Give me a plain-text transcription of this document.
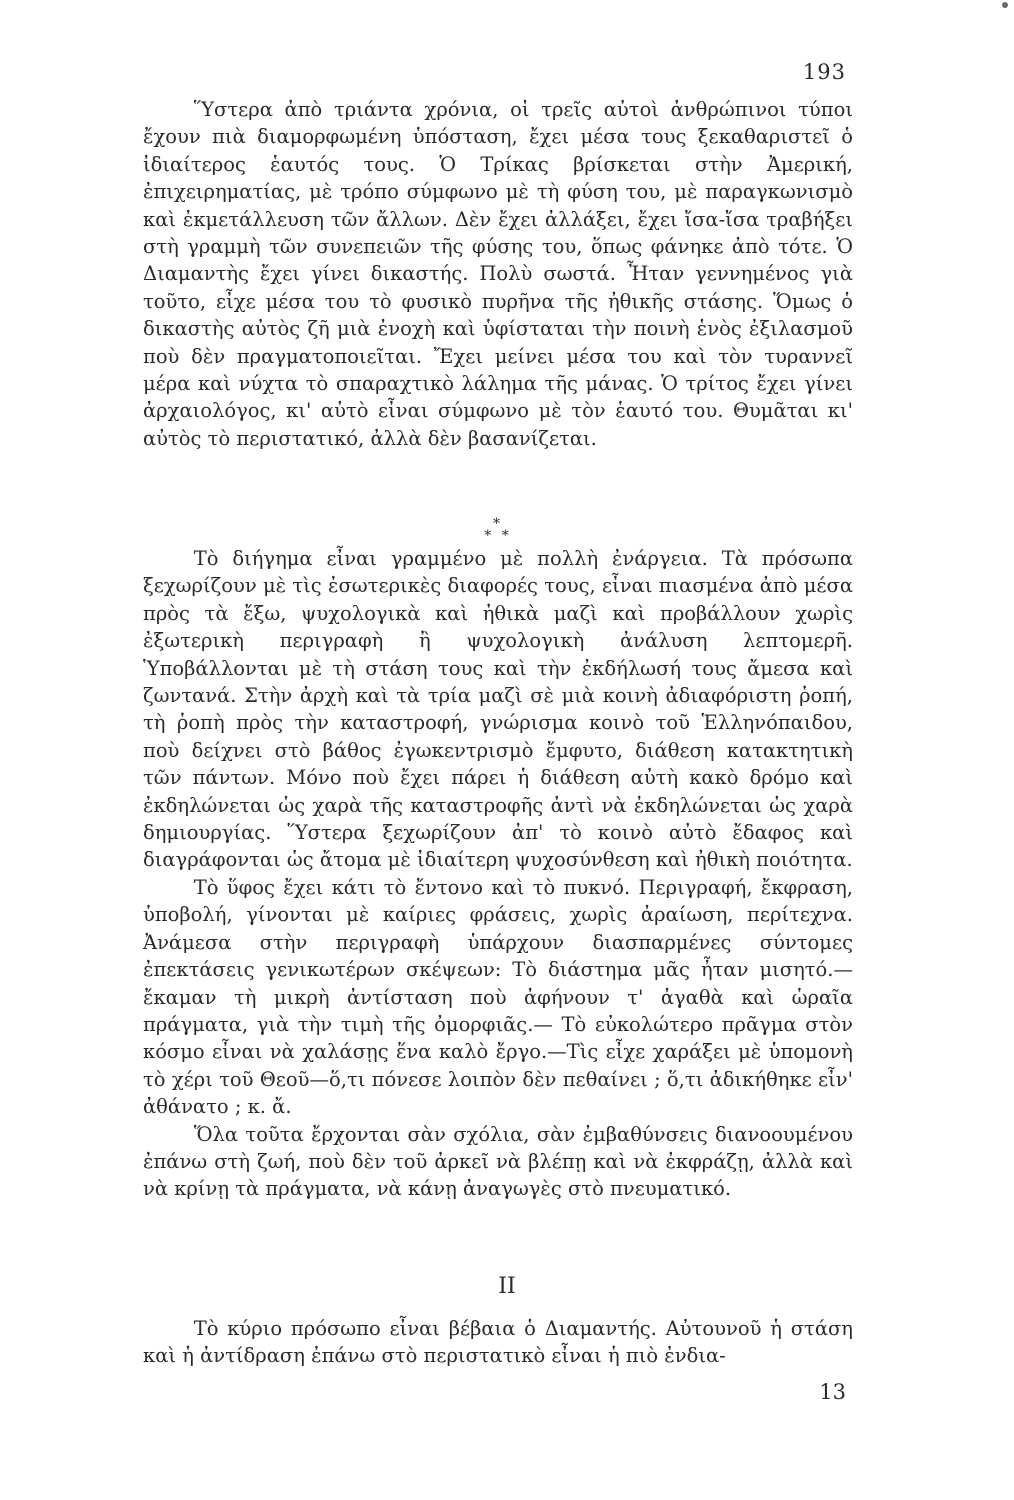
193

Ὕστερα ἀπὸ τριάντα χρόνια, οἱ τρεῖς αὐτοὶ ἀνθρώπινοι τύποι ἔχουν πιὰ διαμορφωμένη ὑπόσταση, ἔχει μέσα τους ξεκαθαριστεῖ ὁ ἰδιαίτερος ἑαυτός τους. Ὁ Τρίκας βρίσκεται στὴν Ἀμερική, ἐπιχειρηματίας, μὲ τρόπο σύμφωνο μὲ τὴ φύση του, μὲ παραγκωνισμὸ καὶ ἐκμετάλλευση τῶν ἄλλων. Δὲν ἔχει ἀλλάξει, ἔχει ἴσα-ἴσα τραβήξει στὴ γραμμὴ τῶν συνεπειῶν τῆς φύσης του, ὅπως φάνηκε ἀπὸ τότε. Ὁ Διαμαντὴς ἔχει γίνει δικαστής. Πολὺ σωστά. Ἦταν γεννημένος γιὰ τοῦτο, εἶχε μέσα του τὸ φυσικὸ πυρῆνα τῆς ἠθικῆς στάσης. Ὅμως ὁ δικαστὴς αὐτὸς ζῆ μιὰ ἐνοχὴ καὶ ὑφίσταται τὴν ποινὴ ἑνὸς ἐξιλασμοῦ ποὺ δὲν πραγματοποιεῖται. Ἔχει μείνει μέσα του καὶ τὸν τυραννεῖ μέρα καὶ νύχτα τὸ σπαραχτικὸ λάλημα τῆς μάνας. Ὁ τρίτος ἔχει γίνει ἀρχαιολόγος, κι' αὐτὸ εἶναι σύμφωνο μὲ τὸν ἑαυτό του. Θυμᾶται κι' αὐτὸς τὸ περιστατικό, ἀλλὰ δὲν βασανίζεται.

*
* *

Τὸ διήγημα εἶναι γραμμένο μὲ πολλὴ ἐνάργεια. Τὰ πρόσωπα ξεχωρίζουν μὲ τὶς ἐσωτερικὲς διαφορές τους, εἶναι πιασμένα ἀπὸ μέσα πρὸς τὰ ἔξω, ψυχολογικὰ καὶ ἠθικὰ μαζὶ καὶ προβάλλουν χωρὶς ἐξωτερικὴ περιγραφὴ ἢ ψυχολογικὴ ἀνάλυση λεπτομερῆ. Ὑποβάλλονται μὲ τὴ στάση τους καὶ τὴν ἐκδήλωσή τους ἄμεσα καὶ ζωντανά. Στὴν ἀρχὴ καὶ τὰ τρία μαζὶ σὲ μιὰ κοινὴ ἀδιαφόριστη ῥοπή, τὴ ῥοπὴ πρὸς τὴν καταστροφή, γνώρισμα κοινὸ τοῦ Ἑλληνόπαιδου, ποὺ δείχνει στὸ βάθος ἐγωκεντρισμὸ ἔμφυτο, διάθεση κατακτητικὴ τῶν πάντων. Μόνο ποὺ ἔχει πάρει ἡ διάθεση αὐτὴ κακὸ δρόμο καὶ ἐκδηλώνεται ὡς χαρὰ τῆς καταστροφῆς ἀντὶ νὰ ἐκδηλώνεται ὡς χαρὰ δημιουργίας. Ὕστερα ξεχωρίζουν ἀπ' τὸ κοινὸ αὐτὸ ἔδαφος καὶ διαγράφονται ὡς ἄτομα μὲ ἰδιαίτερη ψυχοσύνθεση καὶ ἠθικὴ ποιότητα.

Τὸ ὕφος ἔχει κάτι τὸ ἔντονο καὶ τὸ πυκνό. Περιγραφή, ἔκφραση, ὑποβολή, γίνονται μὲ καίριες φράσεις, χωρὶς ἀραίωση, περίτεχνα. Ἀνάμεσα στὴν περιγραφὴ ὑπάρχουν διασπαρμένες σύντομες ἐπεκτάσεις γενικωτέρων σκέψεων: Τὸ διάστημα μᾶς ἦταν μισητό.—ἔκαμαν τὴ μικρὴ ἀντίσταση ποὺ ἀφήνουν τ' ἀγαθὰ καὶ ὡραῖα πράγματα, γιὰ τὴν τιμὴ τῆς ὀμορφιᾶς.— Τὸ εὐκολώτερο πρᾶγμα στὸν κόσμο εἶναι νὰ χαλάσῃς ἕνα καλὸ ἔργο.—Τὶς εἶχε χαράξει μὲ ὑπομονὴ τὸ χέρι τοῦ Θεοῦ—ὅ,τι πόνεσε λοιπὸν δὲν πεθαίνει ; ὅ,τι ἀδικήθηκε εἶν' ἀθάνατο ; κ. ἄ.

Ὅλα τοῦτα ἔρχονται σὰν σχόλια, σὰν ἐμβαθύνσεις διανοουμένου ἐπάνω στὴ ζωή, ποὺ δὲν τοῦ ἀρκεῖ νὰ βλέπῃ καὶ νὰ ἐκφράζῃ, ἀλλὰ καὶ νὰ κρίνῃ τὰ πράγματα, νὰ κάνῃ ἀναγωγὲς στὸ πνευματικό.

II

Τὸ κύριο πρόσωπο εἶναι βέβαια ὁ Διαμαντής. Αὐτουνοῦ ἡ στάση καὶ ἡ ἀντίδραση ἐπάνω στὸ περιστατικὸ εἶναι ἡ πιὸ ἐνδια-

13
